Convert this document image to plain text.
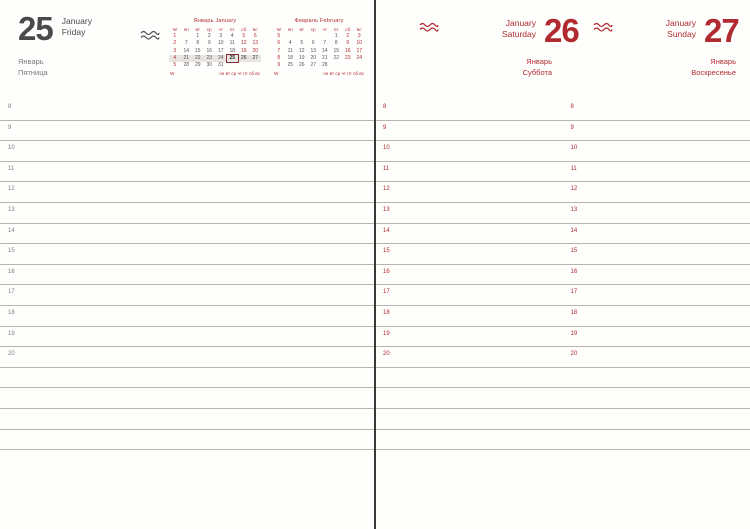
25 January
Friday
Январь
Пятница
Январь January
W	пн	вт	ср	чт	пт	сб	вс
1		1	2	3	4	5	6
2	7	8	9	10	11	12	13
3	14	15	16	17	18	19	20
4	21	22	23	24	25	26	27
5	28	29	30	31			
W	пн вт ср чт пт сб вс
Февраль February
W	пн	вт	ср	чт	пт	сб	вс
5					1	2	3
6	4	5	6	7	8	9	10
7	11	12	13	14	15	16	17
8	18	19	20	21	22	23	24
9	25	26	27	28			
W	пн вт ср чт пт сб вс
8
9
10
11
12
13
14
15
16
17
18
19
20
January
Saturday 26
Январь
Суббота
January
Sunday 27
Январь
Воскресенье
8
9
10
11
12
13
14
15
16
17
18
19
20
8
9
10
11
12
13
14
15
16
17
18
19
20
